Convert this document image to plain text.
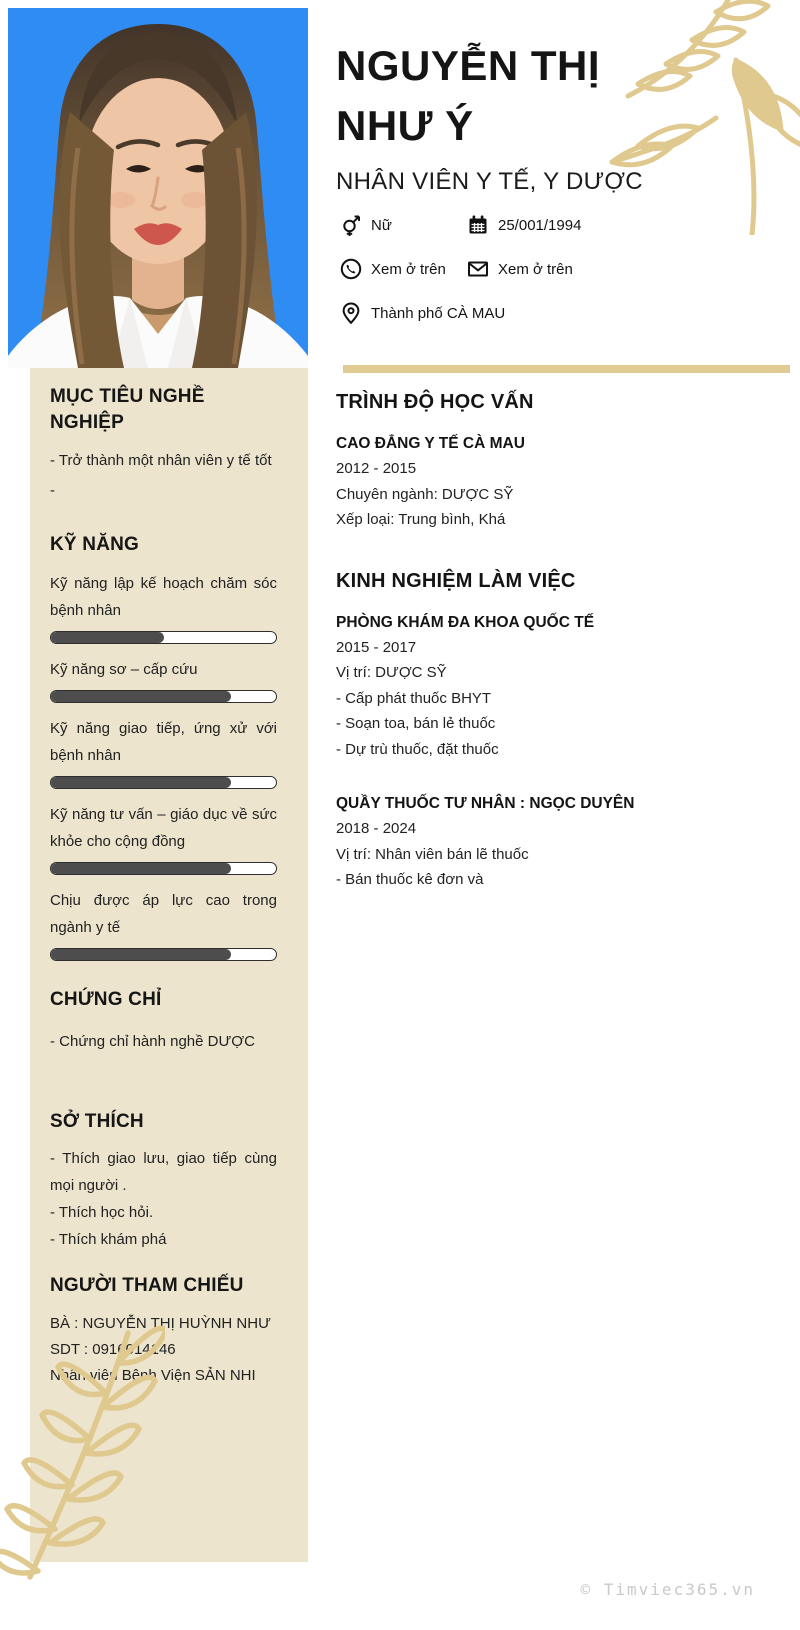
NGUYỄN THỊ
NHƯ Ý
NHÂN VIÊN Y TẾ, Y DƯỢC
Nữ	25/001/1994
Xem ở trên	Xem ở trên
Thành phố CÀ MAU
MỤC TIÊU NGHỀ NGHIỆP

- Trở thành một nhân viên y tế tốt

-

KỸ NĂNG

Kỹ năng lập kế hoạch chăm sóc bệnh nhân

Kỹ năng sơ – cấp cứu

Kỹ năng giao tiếp, ứng xử với bệnh nhân

Kỹ năng tư vấn – giáo dục về sức khỏe cho cộng đồng

Chịu được áp lực cao trong ngành y tế

CHỨNG CHỈ

- Chứng chỉ hành nghề DƯỢC

SỞ THÍCH

- Thích giao lưu, giao tiếp cùng mọi người .

- Thích học hỏi.

- Thích khám phá

NGƯỜI THAM CHIẾU

BÀ : NGUYỄN THỊ HUỲNH NHƯ

SDT : 0916014146

Nhân viên Bệnh Viện SẢN NHI

TRÌNH ĐỘ HỌC VẤN
CAO ĐẲNG Y TẾ CÀ MAU
2012 - 2015
Chuyên ngành: DƯỢC SỸ
Xếp loại: Trung bình, Khá
KINH NGHIỆM LÀM VIỆC
PHÒNG KHÁM ĐA KHOA QUỐC TẾ
2015 - 2017
Vị trí: DƯỢC SỸ
- Cấp phát thuốc BHYT
- Soạn toa, bán lẻ thuốc
- Dự trù thuốc, đặt thuốc
QUẦY THUỐC TƯ NHÂN : NGỌC DUYÊN
2018 - 2024
Vị trí: Nhân viên bán lẽ thuốc
- Bán thuốc kê đơn và
© Timviec365.vn
